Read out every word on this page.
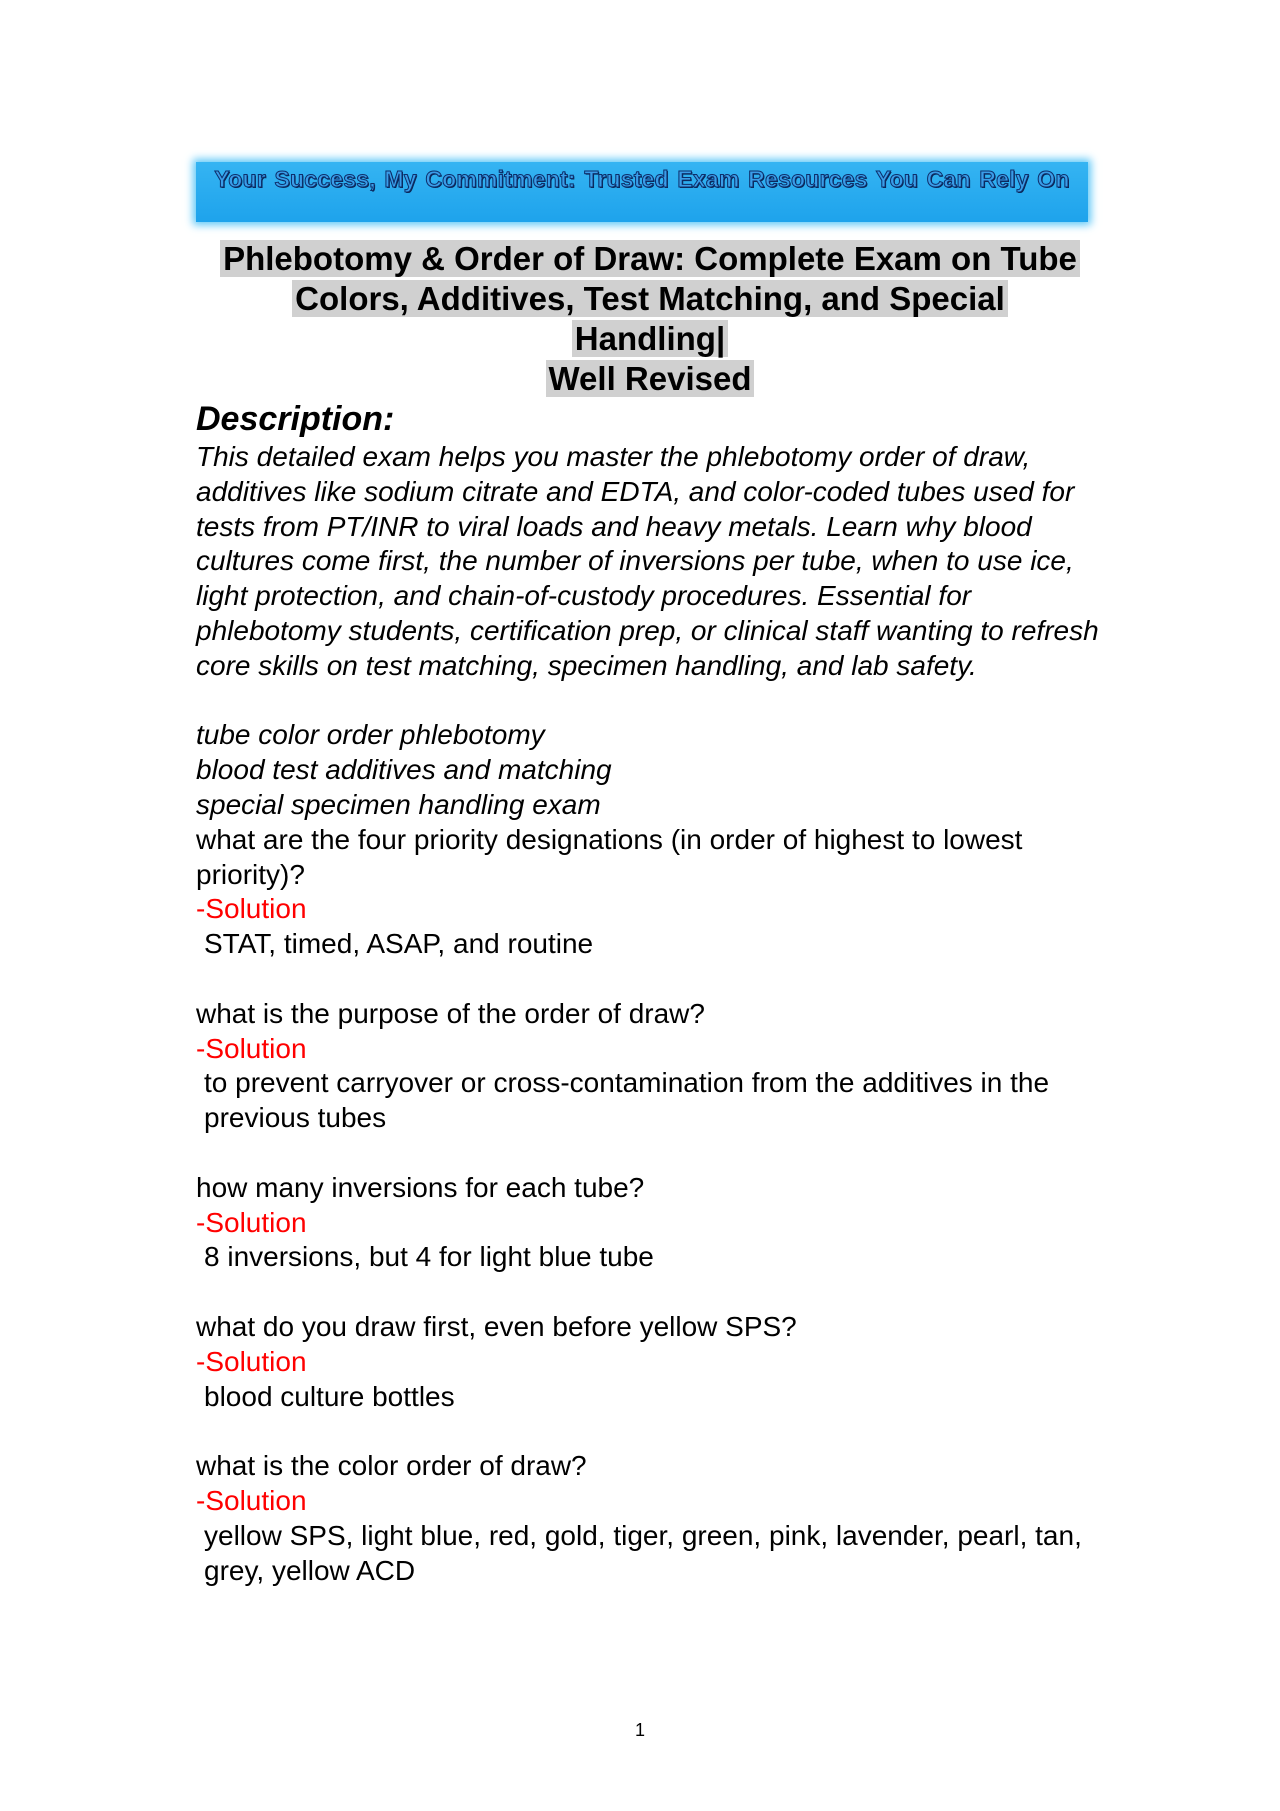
Your Success, My Commitment: Trusted Exam Resources You Can Rely On
Phlebotomy & Order of Draw: Complete Exam on Tube
Colors, Additives, Test Matching, and Special
Handling|
Well Revised

Description:

This detailed exam helps you master the phlebotomy order of draw, additives like sodium citrate and EDTA, and color-coded tubes used for tests from PT/INR to viral loads and heavy metals. Learn why blood cultures come first, the number of inversions per tube, when to use ice, light protection, and chain-of-custody procedures. Essential for phlebotomy students, certification prep, or clinical staff wanting to refresh core skills on test matching, specimen handling, and lab safety.

tube color order phlebotomy
blood test additives and matching
special specimen handling exam
what are the four priority designations (in order of highest to lowest priority)?
-Solution
STAT, timed, ASAP, and routine
what is the purpose of the order of draw?
-Solution
to prevent carryover or cross-contamination from the additives in the previous tubes
how many inversions for each tube?
-Solution
8 inversions, but 4 for light blue tube
what do you draw first, even before yellow SPS?
-Solution
blood culture bottles
what is the color order of draw?
-Solution
yellow SPS, light blue, red, gold, tiger, green, pink, lavender, pearl, tan, grey, yellow ACD
1
